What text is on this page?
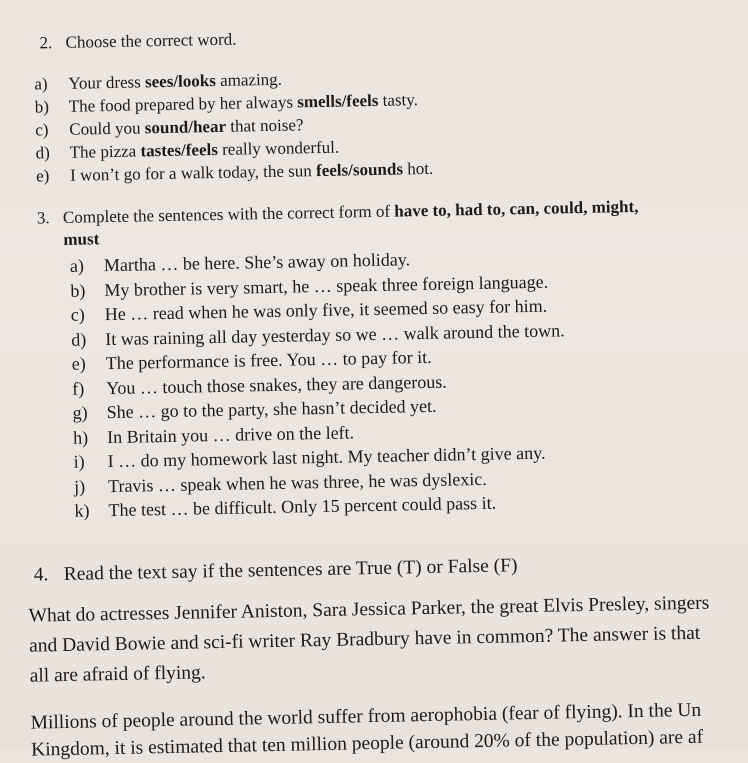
2. Choose the correct word.
a) Your dress sees/looks amazing.
b) The food prepared by her always smells/feels tasty.
c) Could you sound/hear that noise?
d) The pizza tastes/feels really wonderful.
e) I won’t go for a walk today, the sun feels/sounds hot.
3. Complete the sentences with the correct form of have to, had to, can, could, might,
must
a) Martha … be here. She’s away on holiday.
b) My brother is very smart, he … speak three foreign language.
c) He … read when he was only five, it seemed so easy for him.
d) It was raining all day yesterday so we … walk around the town.
e) The performance is free. You … to pay for it.
f) You … touch those snakes, they are dangerous.
g) She … go to the party, she hasn’t decided yet.
h) In Britain you … drive on the left.
i) I … do my homework last night. My teacher didn’t give any.
j) Travis … speak when he was three, he was dyslexic.
k) The test … be difficult. Only 15 percent could pass it.
4. Read the text say if the sentences are True (T) or False (F)
What do actresses Jennifer Aniston, Sara Jessica Parker, the great Elvis Presley, singers
and David Bowie and sci-fi writer Ray Bradbury have in common? The answer is that
all are afraid of flying.
Millions of people around the world suffer from aerophobia (fear of flying). In the Un
Kingdom, it is estimated that ten million people (around 20% of the population) are af
